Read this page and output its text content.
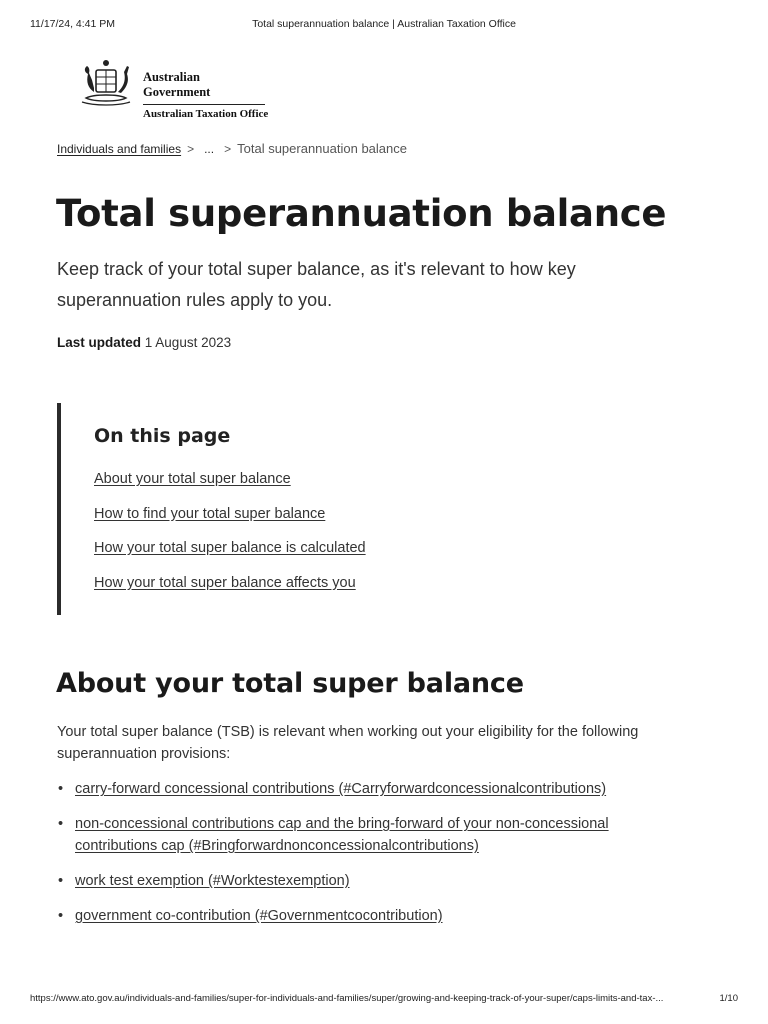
11/17/24, 4:41 PM	Total superannuation balance | Australian Taxation Office
Australian Government
Australian Taxation Office
Individuals and families > ... > Total superannuation balance
Total superannuation balance

Keep track of your total super balance, as it's relevant to how key superannuation rules apply to you.

Last updated 1 August 2023
On this page
About your total super balance
How to find your total super balance
How your total super balance is calculated
How your total super balance affects you
About your total super balance

Your total super balance (TSB) is relevant when working out your eligibility for the following superannuation provisions:

• carry-forward concessional contributions (#Carryforwardconcessionalcontributions)
• non-concessional contributions cap and the bring-forward of your non-concessional contributions cap (#Bringforwardnonconcessionalcontributions)
• work test exemption (#Worktestexemption)
• government co-contribution (#Governmentcocontribution)
https://www.ato.gov.au/individuals-and-families/super-for-individuals-and-families/super/growing-and-keeping-track-of-your-super/caps-limits-and-tax-...	1/10
